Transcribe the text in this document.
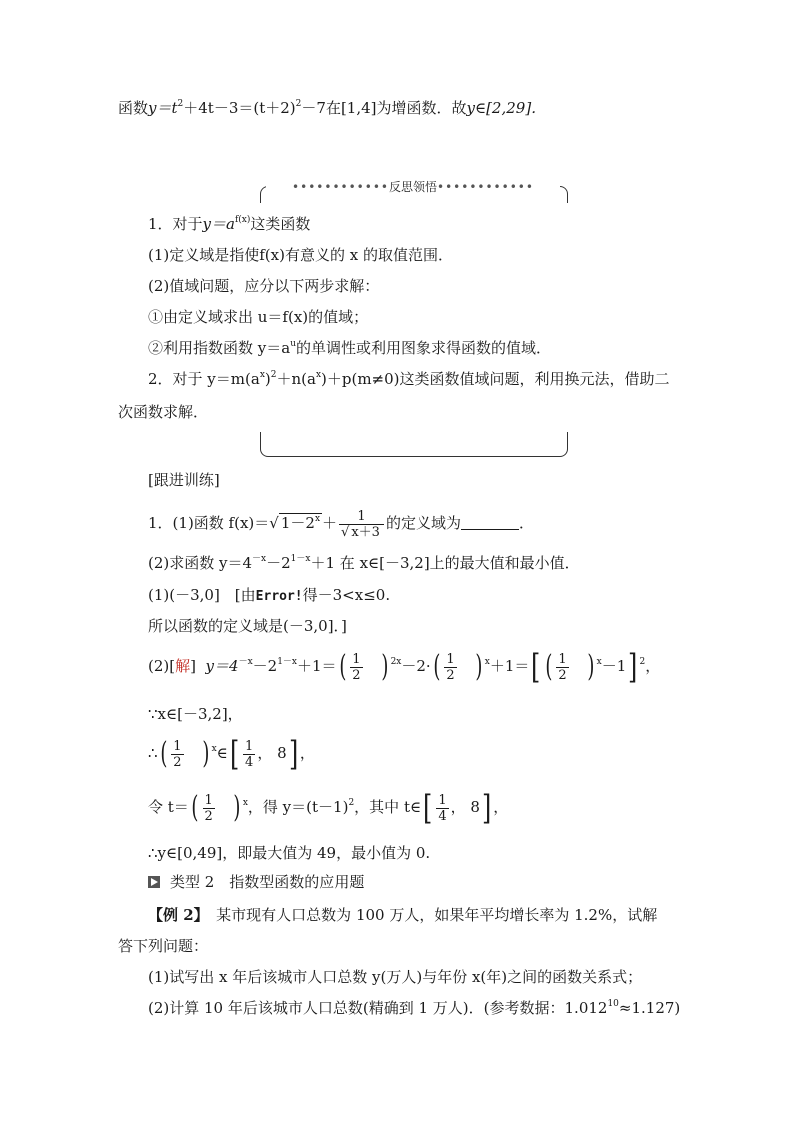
函数$y=t^2+4t-3=(t+2)^2-7$在[1,4]为增函数．故y∈[2,29]．
••••••••••••反思领悟••••••••••••
1．对于$y=a^{f(x)}$这类函数
(1)定义域是指使f(x)有意义的 x 的取值范围．
(2)值域问题，应分以下两步求解：
①由定义域求出 u＝f(x)的值域；
②利用指数函数 $y=a^u$的单调性或利用图象求得函数的值域．
2．对于 $y=m(a^x)^2+n(a^x)+p(m\ne 0)$这类函数值域问题，利用换元法，借助二
次函数求解．
[跟进训练]
1．(1)函数 f(x)＝√ $1-2^x + \frac{1}{√ x+3}$ 的定义域为	．
(2)求函数 $y=4^{-x}-2^{1-x}+1$ 在 x∈[－3,2]上的最大值和最小值．
(1)(－3,0]　[由Error!得－3<x≤0.
所以函数的定义域是(－3,0]．]
(2)[解] $y=4^{-x}-2^{1-x}+1=( \frac{1}{2}$ ) $^{2x}-2\cdot( \frac{1}{2}$ ) $^x$＋1＝[ ( $\frac{1}{2}$ ) $^x$－1] $^2$，
∵x∈[－3,2]，
∴( $\frac{1}{2}$ ) $^x$∈[ $\frac{1}{4}$ ， 8] ，
令 $t=( \frac{1}{2}$ ) $^x$，得 $y=(t-1)^2$，其中 t∈[ $\frac{1}{4}$ ， 8] ，
∴y∈[0,49]，即最大值为 49，最小值为 0.
类型 2　指数型函数的应用题
【例 2】　某市现有人口总数为 100 万人，如果年平均增长率为 1.2%，试解
答下列问题：
(1)试写出 x 年后该城市人口总数 y(万人)与年份 x(年)之间的函数关系式；
(2)计算 10 年后该城市人口总数(精确到 1 万人)．(参考数据：$1.012^{10}\approx 1.127$)
